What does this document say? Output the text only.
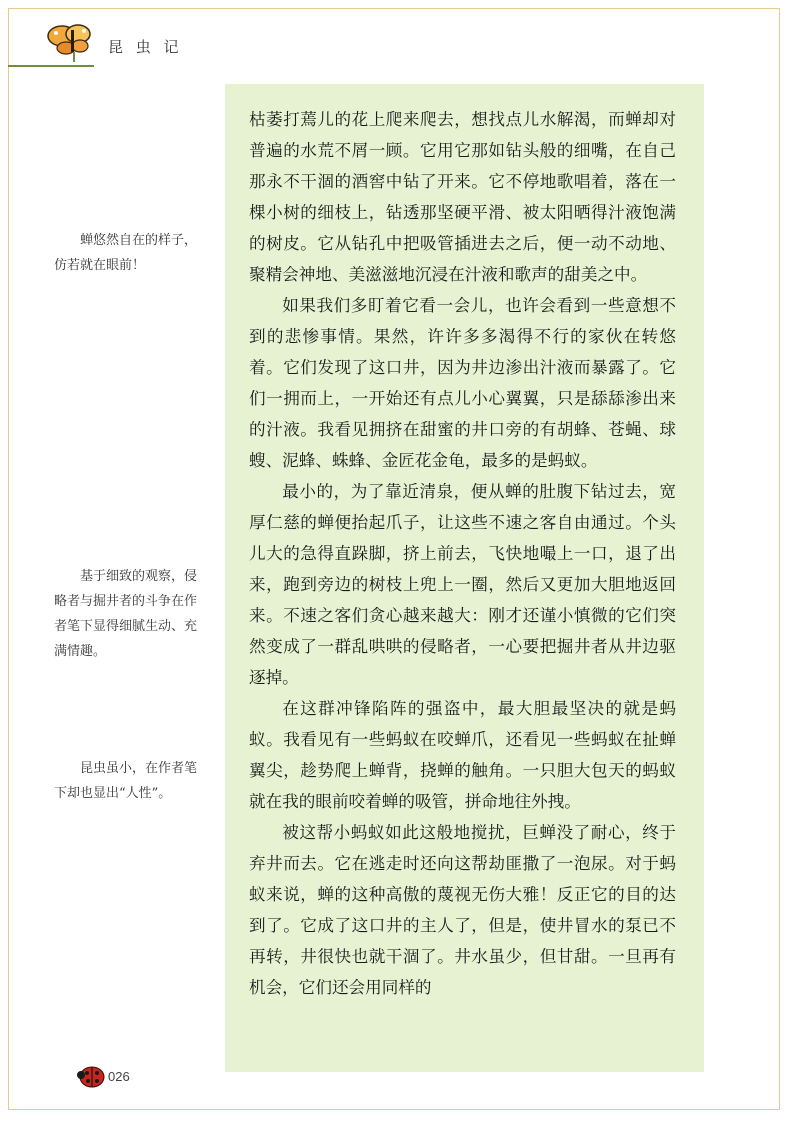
昆 虫 记

蝉悠然自在的样子，仿若就在眼前！

基于细致的观察，侵略者与掘井者的斗争在作者笔下显得细腻生动、充满情趣。

昆虫虽小，在作者笔下却也显出“人性”。

枯萎打蔫儿的花上爬来爬去，想找点儿水解渴，而蝉却对普遍的水荒不屑一顾。它用它那如钻头般的细嘴，在自己那永不干涸的酒窖中钻了开来。它不停地歌唱着，落在一棵小树的细枝上，钻透那坚硬平滑、被太阳晒得汁液饱满的树皮。它从钻孔中把吸管插进去之后，便一动不动地、聚精会神地、美滋滋地沉浸在汁液和歌声的甜美之中。

如果我们多盯着它看一会儿，也许会看到一些意想不到的悲惨事情。果然，许许多多渴得不行的家伙在转悠着。它们发现了这口井，因为井边渗出汁液而暴露了。它们一拥而上，一开始还有点儿小心翼翼，只是舔舔渗出来的汁液。我看见拥挤在甜蜜的井口旁的有胡蜂、苍蝇、球螋、泥蜂、蛛蜂、金匠花金龟，最多的是蚂蚁。

最小的，为了靠近清泉，便从蝉的肚腹下钻过去，宽厚仁慈的蝉便抬起爪子，让这些不速之客自由通过。个头儿大的急得直跺脚，挤上前去，飞快地嘬上一口，退了出来，跑到旁边的树枝上兜上一圈，然后又更加大胆地返回来。不速之客们贪心越来越大：刚才还谨小慎微的它们突然变成了一群乱哄哄的侵略者，一心要把掘井者从井边驱逐掉。

在这群冲锋陷阵的强盗中，最大胆最坚决的就是蚂蚁。我看见有一些蚂蚁在咬蝉爪，还看见一些蚂蚁在扯蝉翼尖，趁势爬上蝉背，挠蝉的触角。一只胆大包天的蚂蚁就在我的眼前咬着蝉的吸管，拼命地往外拽。

被这帮小蚂蚁如此这般地搅扰，巨蝉没了耐心，终于弃井而去。它在逃走时还向这帮劫匪撒了一泡尿。对于蚂蚁来说，蝉的这种高傲的蔑视无伤大雅！反正它的目的达到了。它成了这口井的主人了，但是，使井冒水的泵已不再转，井很快也就干涸了。井水虽少，但甘甜。一旦再有机会，它们还会用同样的

026
